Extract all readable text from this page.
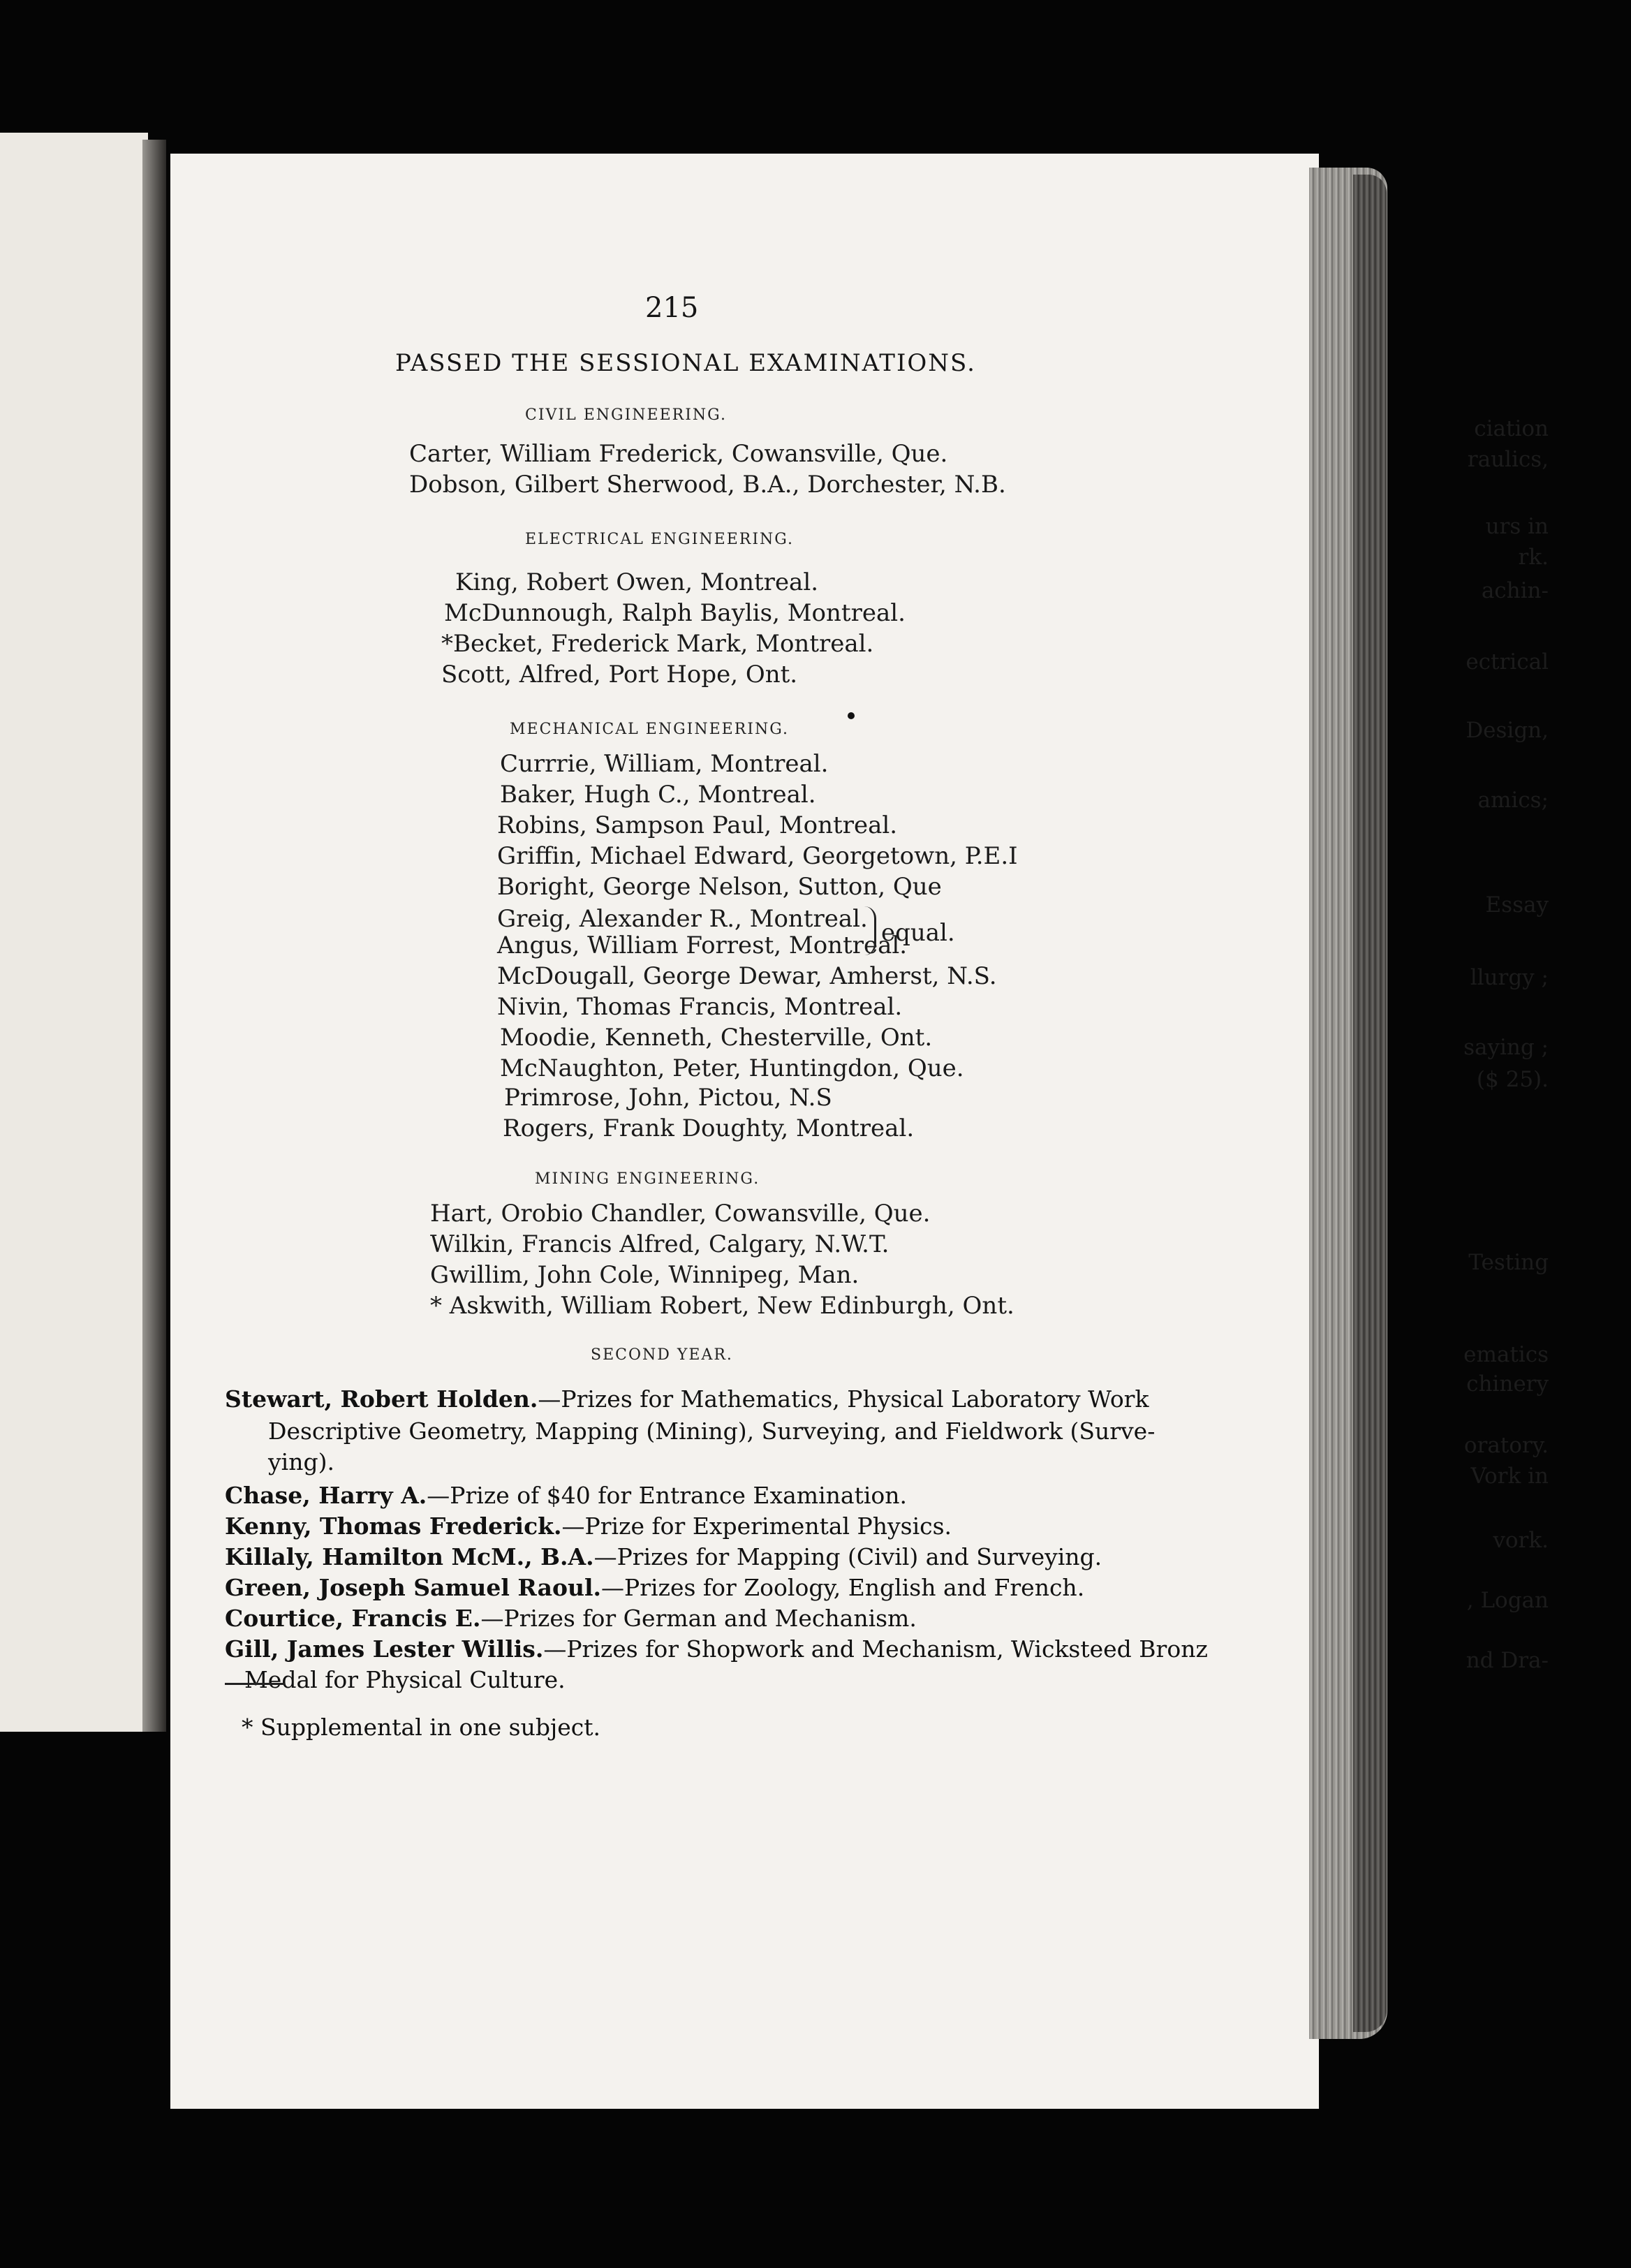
ciation
raulics,
urs in
rk.
achin-
ectrical
Design,
amics;
Essay
llurgy ;
saying ;
($ 25).
Testing
ematics
chinery
oratory.
Vork in
vork.
, Logan
nd Dra-
215
PASSED THE SESSIONAL EXAMINATIONS.
CIVIL ENGINEERING.
Carter, William Frederick, Cowansville, Que.
Dobson, Gilbert Sherwood, B.A., Dorchester, N.B.
ELECTRICAL ENGINEERING.
King, Robert Owen, Montreal.
McDunnough, Ralph Baylis, Montreal.
*Becket, Frederick Mark, Montreal.
Scott, Alfred, Port Hope, Ont.
MECHANICAL ENGINEERING.
Currrie, William, Montreal.
Baker, Hugh C., Montreal.
Robins, Sampson Paul, Montreal.
Griffin, Michael Edward, Georgetown, P.E.I
Boright, George Nelson, Sutton, Que
Greig, Alexander R., Montreal.
Angus, William Forrest, Montreal.
equal.
McDougall, George Dewar, Amherst, N.S.
Nivin, Thomas Francis, Montreal.
Moodie, Kenneth, Chesterville, Ont.
McNaughton, Peter, Huntingdon, Que.
Primrose, John, Pictou, N.S
Rogers, Frank Doughty, Montreal.
MINING ENGINEERING.
Hart, Orobio Chandler, Cowansville, Que.
Wilkin, Francis Alfred, Calgary, N.W.T.
Gwillim, John Cole, Winnipeg, Man.
* Askwith, William Robert, New Edinburgh, Ont.
SECOND YEAR.
Stewart, Robert Holden.—Prizes for Mathematics, Physical Laboratory Work
Descriptive Geometry, Mapping (Mining), Surveying, and Fieldwork (Surve-
ying).
Chase, Harry A.—Prize of $40 for Entrance Examination.
Kenny, Thomas Frederick.—Prize for Experimental Physics.
Killaly, Hamilton McM., B.A.—Prizes for Mapping (Civil) and Surveying.
Green, Joseph Samuel Raoul.—Prizes for Zoology, English and French.
Courtice, Francis E.—Prizes for German and Mechanism.
Gill, James Lester Willis.—Prizes for Shopwork and Mechanism, Wicksteed Bronz
Medal for Physical Culture.
* Supplemental in one subject.
